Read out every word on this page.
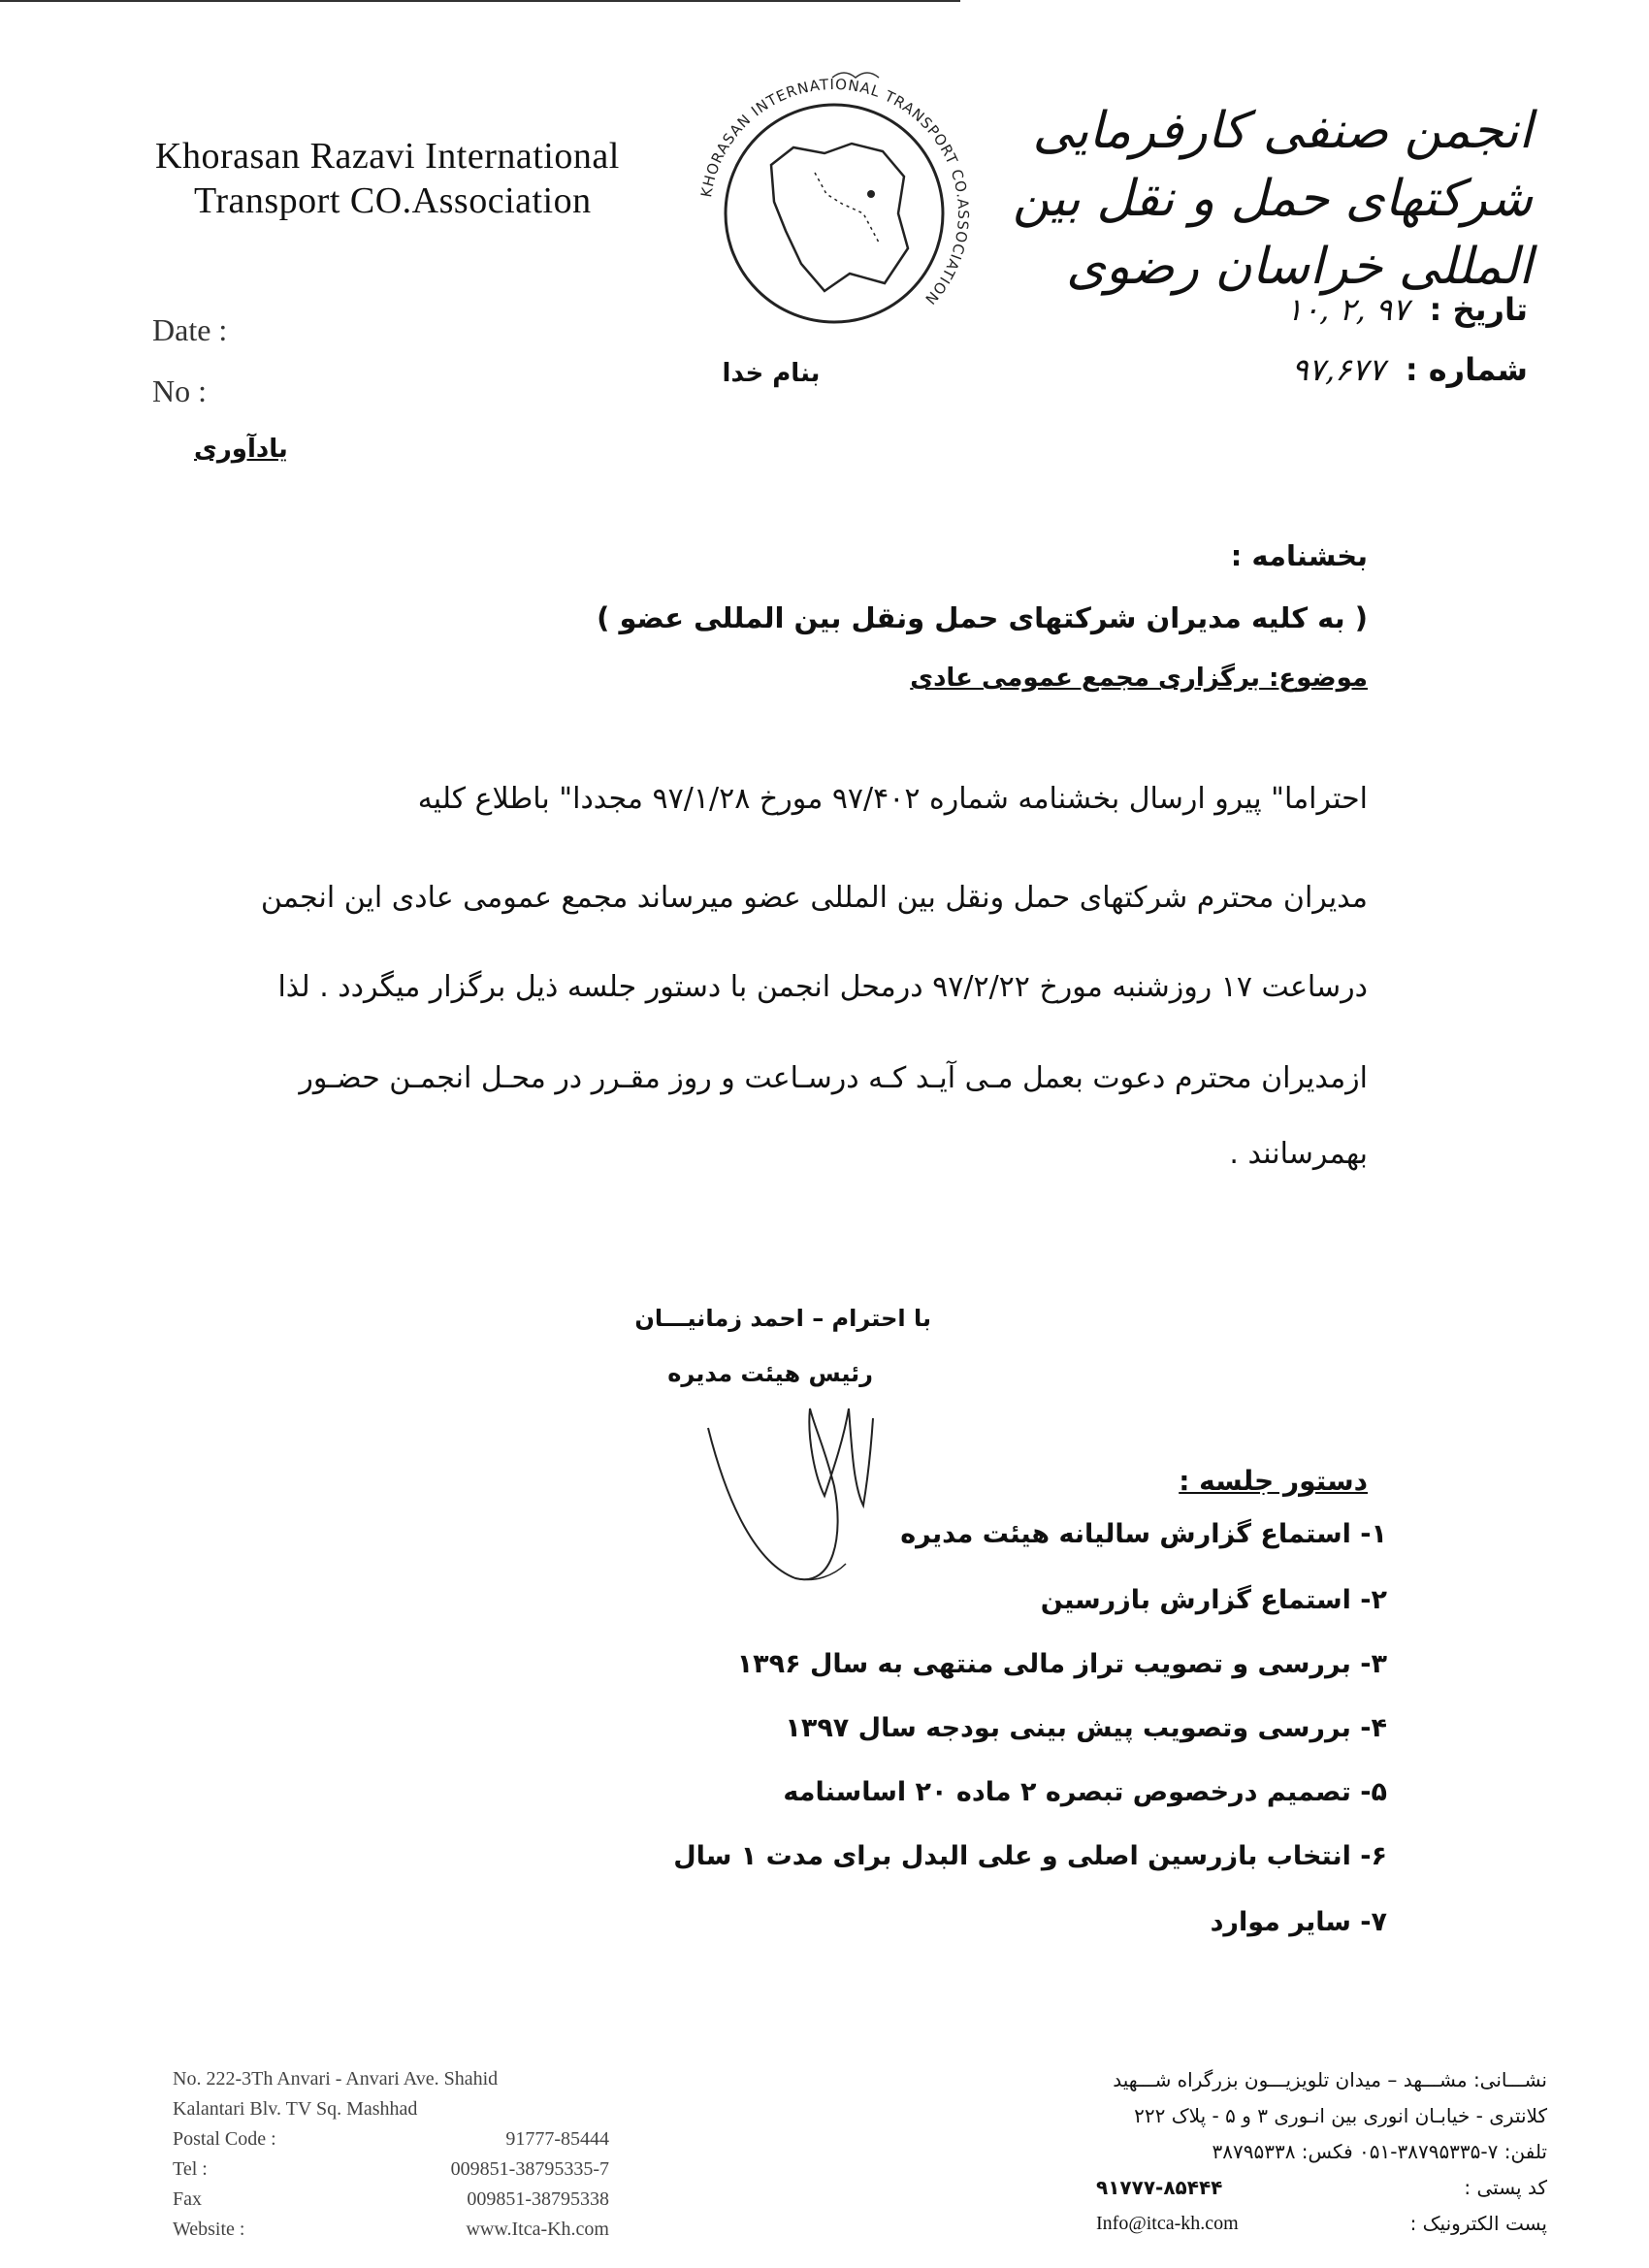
Khorasan Razavi International
Transport CO.Association	KHORASAN INTERNATIONAL TRANSPORT CO.ASSOCIATION
انجمن صنفی کارفرمایی شرکتهای حمل و نقل بین المللی خراسان رضوی
Date :
No :	بنام خدا
تاریخ : ۹۷ ,۲ ,۱۰
شماره : ۹۷,۶۷۷
یادآوری
بخشنامه :
( به کلیه مدیران شرکتهای حمل ونقل بین المللی عضو )
موضوع: برگزاری مجمع عمومی عادی
احتراما" پیرو ارسال بخشنامه شماره ۹۷/۴۰۲ مورخ ۹۷/۱/۲۸ مجددا" باطلاع کلیه
مدیران محترم شرکتهای حمل ونقل بین المللی عضو میرساند مجمع عمومی عادی این انجمن
درساعت ۱۷ روزشنبه مورخ ۹۷/۲/۲۲ درمحل انجمن با دستور جلسه ذیل برگزار میگردد . لذا
ازمدیران محترم دعوت بعمل مـی آیـد کـه درسـاعت و روز مقـرر در محـل انجمـن حضـور
بهمرسانند .
با احترام – احمد زمانیـــان
رئیس هیئت مدیره
دستور جلسه :
۱- استماع گزارش سالیانه هیئت مدیره
۲- استماع گزارش بازرسین
۳- بررسی و تصویب تراز مالی منتهی به سال ۱۳۹۶
۴- بررسی وتصویب پیش بینی بودجه سال ۱۳۹۷
۵- تصمیم درخصوص تبصره ۲ ماده ۲۰ اساسنامه
۶- انتخاب بازرسین اصلی و علی البدل برای مدت ۱ سال
۷- سایر موارد
No. 222-3Th Anvari - Anvari Ave. Shahid
Kalantari Blv. TV Sq. Mashhad
Postal Code :	91777-85444
Tel :	009851-38795335-7
Fax	009851-38795338
Website :	www.Itca-Kh.com
نشـــانی: مشـــهد – میدان تلویزیـــون بزرگراه شـــهید
کلانتری - خیابـان انوری بین انـوری ۳ و ۵ - پلاک ۲۲۲
تلفن: ۷-۳۸۷۹۵۳۳۵-۰۵۱ فکس: ۳۸۷۹۵۳۳۸
کد پستی :
۹۱۷۷۷-۸۵۴۴۴
پست الکترونیک :
Info@itca-kh.com
